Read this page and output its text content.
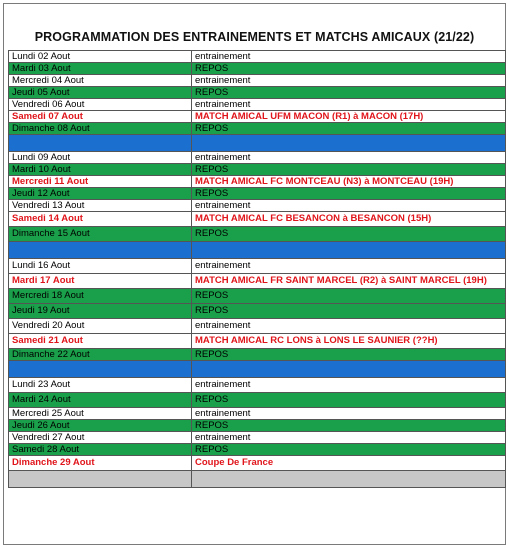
PROGRAMMATION DES ENTRAINEMENTS ET MATCHS AMICAUX (21/22)
Lundi 02 Aout	entrainement
Mardi 03 Aout	REPOS
Mercredi 04 Aout	entrainement
Jeudi 05 Aout	REPOS
Vendredi 06 Aout	entrainement
Samedi 07 Aout	MATCH AMICAL UFM MACON (R1) à MACON (17H)
Dimanche 08 Aout	REPOS

Lundi 09 Aout	entrainement
Mardi 10 Aout	REPOS
Mercredi 11 Aout	MATCH AMICAL FC MONTCEAU (N3) à MONTCEAU (19H)
Jeudi 12 Aout	REPOS
Vendredi 13 Aout	entrainement
Samedi 14 Aout	MATCH AMICAL FC BESANCON à BESANCON (15H)
Dimanche 15 Aout	REPOS

Lundi 16 Aout	entrainement
Mardi 17 Aout	MATCH AMICAL FR SAINT MARCEL (R2) à SAINT MARCEL (19H)
Mercredi 18 Aout	REPOS
Jeudi 19 Aout	REPOS
Vendredi 20 Aout	entrainement
Samedi 21 Aout	MATCH AMICAL RC LONS à LONS LE SAUNIER (??H)
Dimanche 22 Aout	REPOS

Lundi 23 Aout	entrainement
Mardi 24 Aout	REPOS
Mercredi 25 Aout	entrainement
Jeudi 26 Aout	REPOS
Vendredi 27 Aout	entrainement
Samedi 28 Aout	REPOS
Dimanche 29 Aout	Coupe De France
